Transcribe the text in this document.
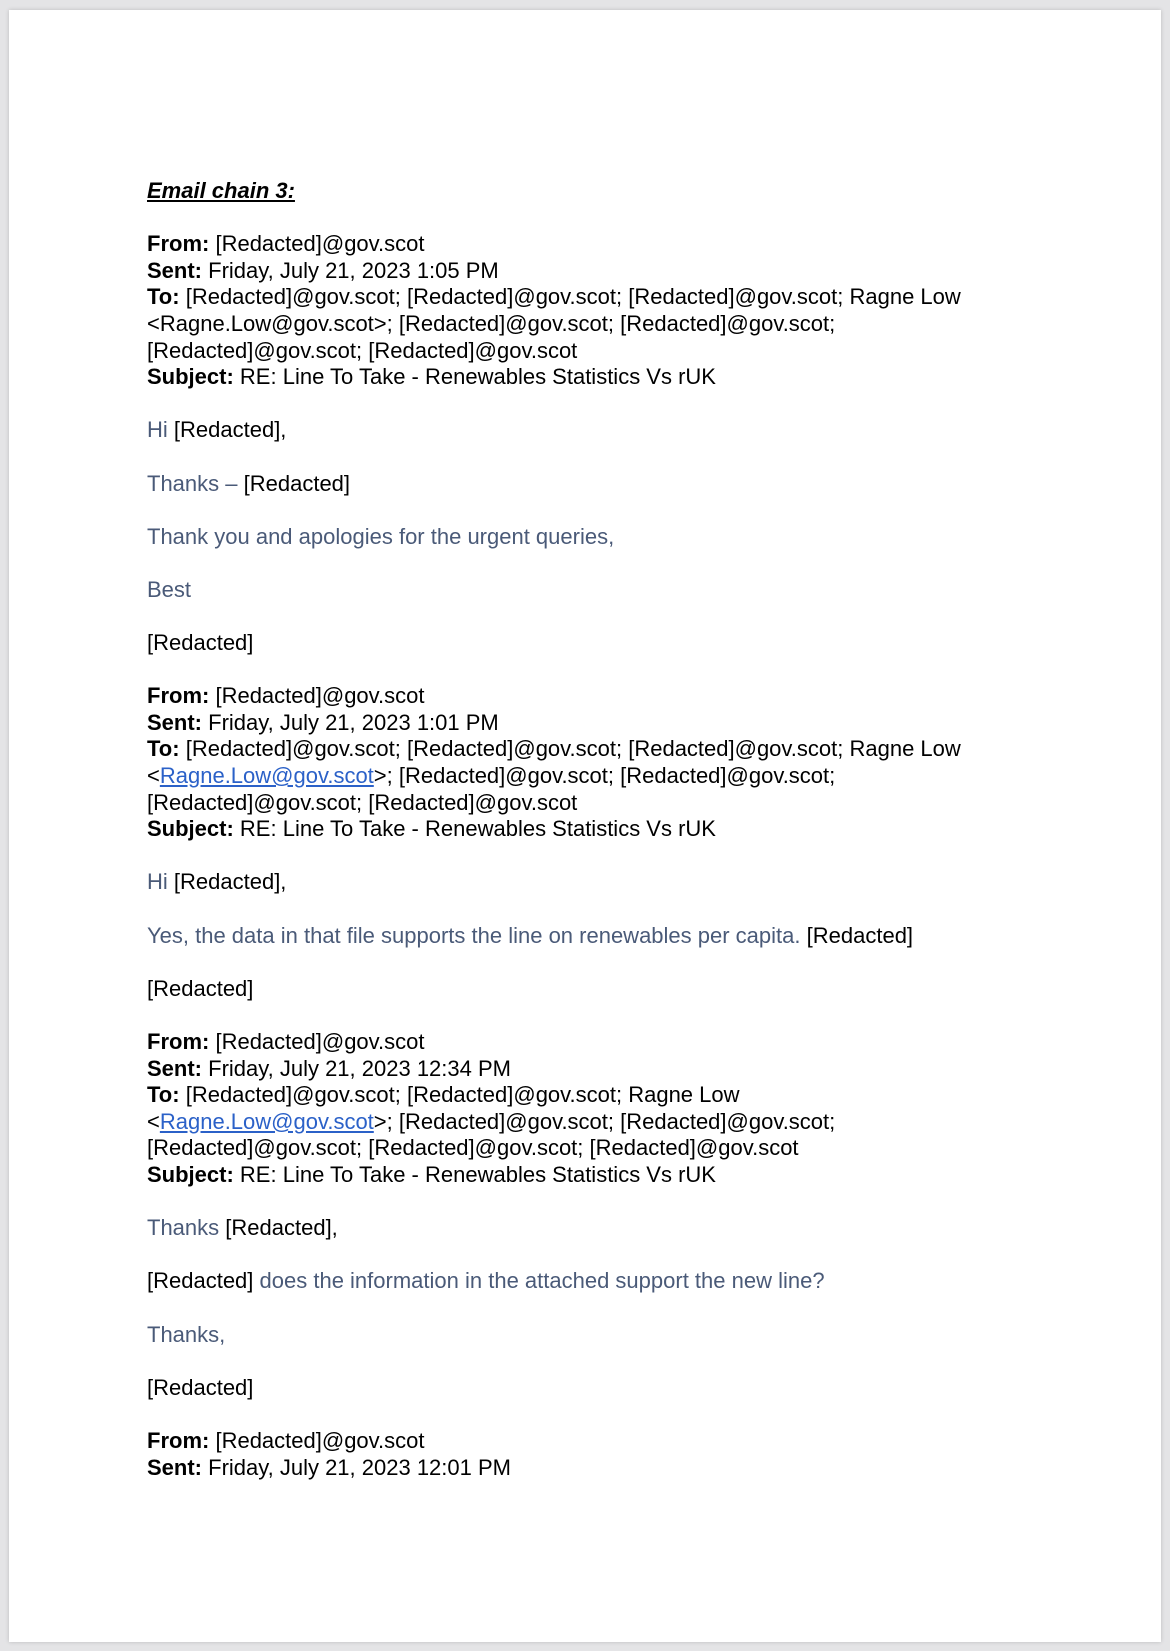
Email chain 3:
From: [Redacted]@gov.scot
Sent: Friday, July 21, 2023 1:05 PM
To: [Redacted]@gov.scot; [Redacted]@gov.scot; [Redacted]@gov.scot; Ragne Low
<Ragne.Low@gov.scot>; [Redacted]@gov.scot; [Redacted]@gov.scot;
[Redacted]@gov.scot; [Redacted]@gov.scot
Subject: RE: Line To Take - Renewables Statistics Vs rUK
Hi [Redacted],
Thanks – [Redacted]
Thank you and apologies for the urgent queries,
Best
[Redacted]
From: [Redacted]@gov.scot
Sent: Friday, July 21, 2023 1:01 PM
To: [Redacted]@gov.scot; [Redacted]@gov.scot; [Redacted]@gov.scot; Ragne Low
<Ragne.Low@gov.scot>; [Redacted]@gov.scot; [Redacted]@gov.scot;
[Redacted]@gov.scot; [Redacted]@gov.scot
Subject: RE: Line To Take - Renewables Statistics Vs rUK
Hi [Redacted],
Yes, the data in that file supports the line on renewables per capita. [Redacted]
[Redacted]
From: [Redacted]@gov.scot
Sent: Friday, July 21, 2023 12:34 PM
To: [Redacted]@gov.scot; [Redacted]@gov.scot; Ragne Low
<Ragne.Low@gov.scot>; [Redacted]@gov.scot; [Redacted]@gov.scot;
[Redacted]@gov.scot; [Redacted]@gov.scot; [Redacted]@gov.scot
Subject: RE: Line To Take - Renewables Statistics Vs rUK
Thanks [Redacted],
[Redacted] does the information in the attached support the new line?
Thanks,
[Redacted]
From: [Redacted]@gov.scot
Sent: Friday, July 21, 2023 12:01 PM
